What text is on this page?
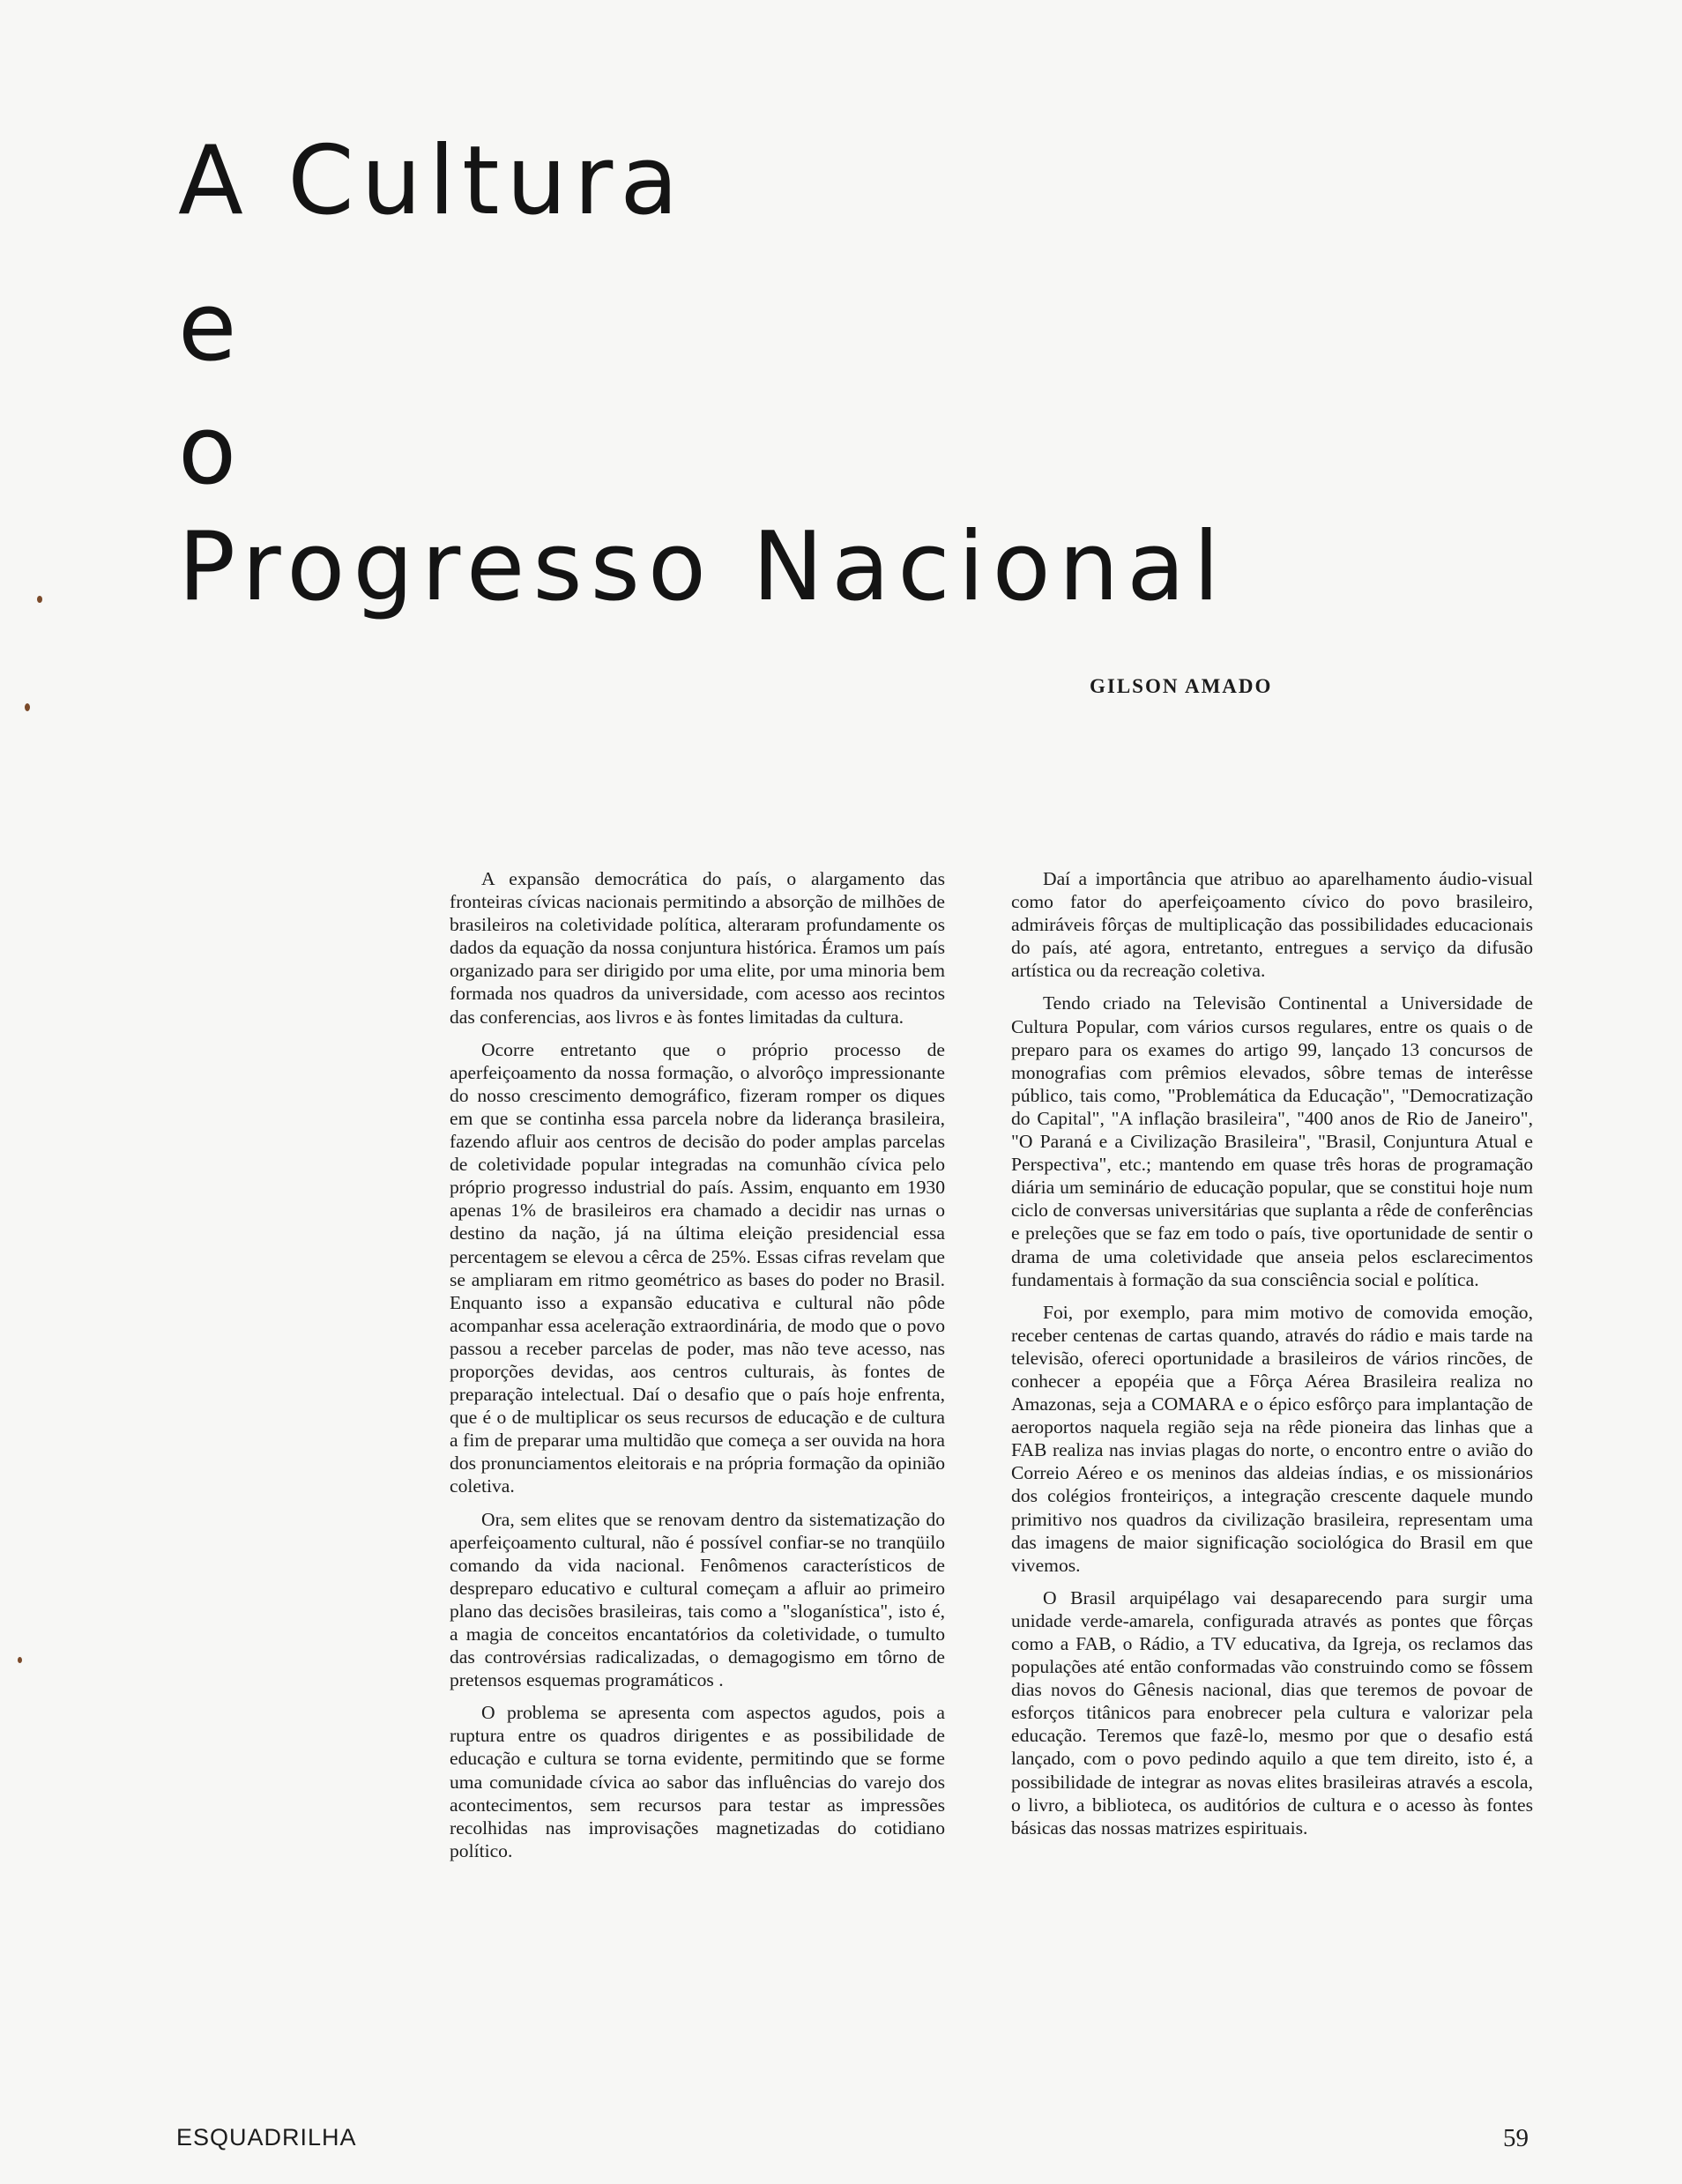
A Cultura
e
o
Progresso Nacional
GILSON AMADO

A expansão democrática do país, o alargamento das fronteiras cívicas nacionais permitindo a absorção de milhões de brasileiros na coletividade política, alteraram profundamente os dados da equação da nossa conjuntura histórica. Éramos um país organizado para ser dirigido por uma elite, por uma minoria bem formada nos quadros da universidade, com acesso aos recintos das conferencias, aos livros e às fontes limitadas da cultura.

Ocorre entretanto que o próprio processo de aperfeiçoamento da nossa formação, o alvorôço impressionante do nosso crescimento demográfico, fizeram romper os diques em que se continha essa parcela nobre da liderança brasileira, fazendo afluir aos centros de decisão do poder amplas parcelas de coletividade popular integradas na comunhão cívica pelo próprio progresso industrial do país. Assim, enquanto em 1930 apenas 1% de brasileiros era chamado a decidir nas urnas o destino da nação, já na última eleição presidencial essa percentagem se elevou a cêrca de 25%. Essas cifras revelam que se ampliaram em ritmo geométrico as bases do poder no Brasil. Enquanto isso a expansão educativa e cultural não pôde acompanhar essa aceleração extraordinária, de modo que o povo passou a receber parcelas de poder, mas não teve acesso, nas proporções devidas, aos centros culturais, às fontes de preparação intelectual. Daí o desafio que o país hoje enfrenta, que é o de multiplicar os seus recursos de educação e de cultura a fim de preparar uma multidão que começa a ser ouvida na hora dos pronunciamentos eleitorais e na própria formação da opinião coletiva.

Ora, sem elites que se renovam dentro da sistematização do aperfeiçoamento cultural, não é possível confiar-se no tranqüilo comando da vida nacional. Fenômenos característicos de despreparo educativo e cultural começam a afluir ao primeiro plano das decisões brasileiras, tais como a "sloganística", isto é, a magia de conceitos encantatórios da coletividade, o tumulto das controvérsias radicalizadas, o demagogismo em tôrno de pretensos esquemas programáticos .

O problema se apresenta com aspectos agudos, pois a ruptura entre os quadros dirigentes e as possibilidade de educação e cultura se torna evidente, permitindo que se forme uma comunidade cívica ao sabor das influências do varejo dos acontecimentos, sem recursos para testar as impressões recolhidas nas improvisações magnetizadas do cotidiano político.

Daí a importância que atribuo ao aparelhamento áudio-visual como fator do aperfeiçoamento cívico do povo brasileiro, admiráveis fôrças de multiplicação das possibilidades educacionais do país, até agora, entretanto, entregues a serviço da difusão artística ou da recreação coletiva.

Tendo criado na Televisão Continental a Universidade de Cultura Popular, com vários cursos regulares, entre os quais o de preparo para os exames do artigo 99, lançado 13 concursos de monografias com prêmios elevados, sôbre temas de interêsse público, tais como, "Problemática da Educação", "Democratização do Capital", "A inflação brasileira", "400 anos de Rio de Janeiro", "O Paraná e a Civilização Brasileira", "Brasil, Conjuntura Atual e Perspectiva", etc.; mantendo em quase três horas de programação diária um seminário de educação popular, que se constitui hoje num ciclo de conversas universitárias que suplanta a rêde de conferências e preleções que se faz em todo o país, tive oportunidade de sentir o drama de uma coletividade que anseia pelos esclarecimentos fundamentais à formação da sua consciência social e política.

Foi, por exemplo, para mim motivo de comovida emoção, receber centenas de cartas quando, através do rádio e mais tarde na televisão, ofereci oportunidade a brasileiros de vários rincões, de conhecer a epopéia que a Fôrça Aérea Brasileira realiza no Amazonas, seja a COMARA e o épico esfôrço para implantação de aeroportos naquela região seja na rêde pioneira das linhas que a FAB realiza nas invias plagas do norte, o encontro entre o avião do Correio Aéreo e os meninos das aldeias índias, e os missionários dos colégios fronteiriços, a integração crescente daquele mundo primitivo nos quadros da civilização brasileira, representam uma das imagens de maior significação sociológica do Brasil em que vivemos.

O Brasil arquipélago vai desaparecendo para surgir uma unidade verde-amarela, configurada através as pontes que fôrças como a FAB, o Rádio, a TV educativa, da Igreja, os reclamos das populações até então conformadas vão construindo como se fôssem dias novos do Gênesis nacional, dias que teremos de povoar de esforços titânicos para enobrecer pela cultura e valorizar pela educação. Teremos que fazê-lo, mesmo por que o desafio está lançado, com o povo pedindo aquilo a que tem direito, isto é, a possibilidade de integrar as novas elites brasileiras através a escola, o livro, a biblioteca, os auditórios de cultura e o acesso às fontes básicas das nossas matrizes espirituais.

ESQUADRILHA	59
